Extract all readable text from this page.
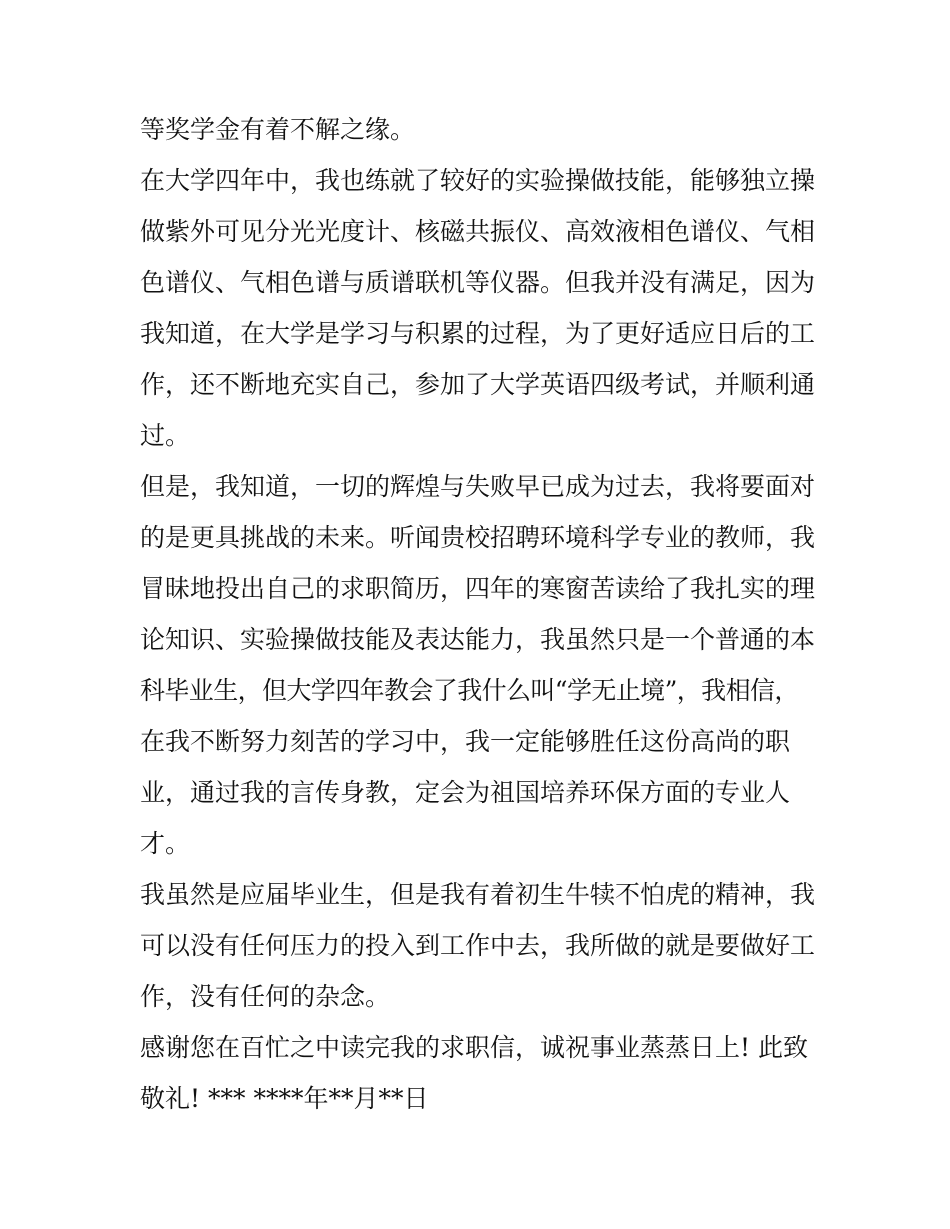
等奖学金有着不解之缘。
在大学四年中，我也练就了较好的实验操做技能，能够独立操
做紫外可见分光光度计、核磁共振仪、高效液相色谱仪、气相
色谱仪、气相色谱与质谱联机等仪器。但我并没有满足，因为
我知道，在大学是学习与积累的过程，为了更好适应日后的工
作，还不断地充实自己，参加了大学英语四级考试，并顺利通
过。
但是，我知道，一切的辉煌与失败早已成为过去，我将要面对
的是更具挑战的未来。听闻贵校招聘环境科学专业的教师，我
冒昧地投出自己的求职简历，四年的寒窗苦读给了我扎实的理
论知识、实验操做技能及表达能力，我虽然只是一个普通的本
科毕业生，但大学四年教会了我什么叫“学无止境”，我相信，
在我不断努力刻苦的学习中，我一定能够胜任这份高尚的职
业，通过我的言传身教，定会为祖国培养环保方面的专业人
才。
我虽然是应届毕业生，但是我有着初生牛犊不怕虎的精神，我
可以没有任何压力的投入到工作中去，我所做的就是要做好工
作，没有任何的杂念。
感谢您在百忙之中读完我的求职信，诚祝事业蒸蒸日上! 此致
敬礼! *** ****年**月**日
